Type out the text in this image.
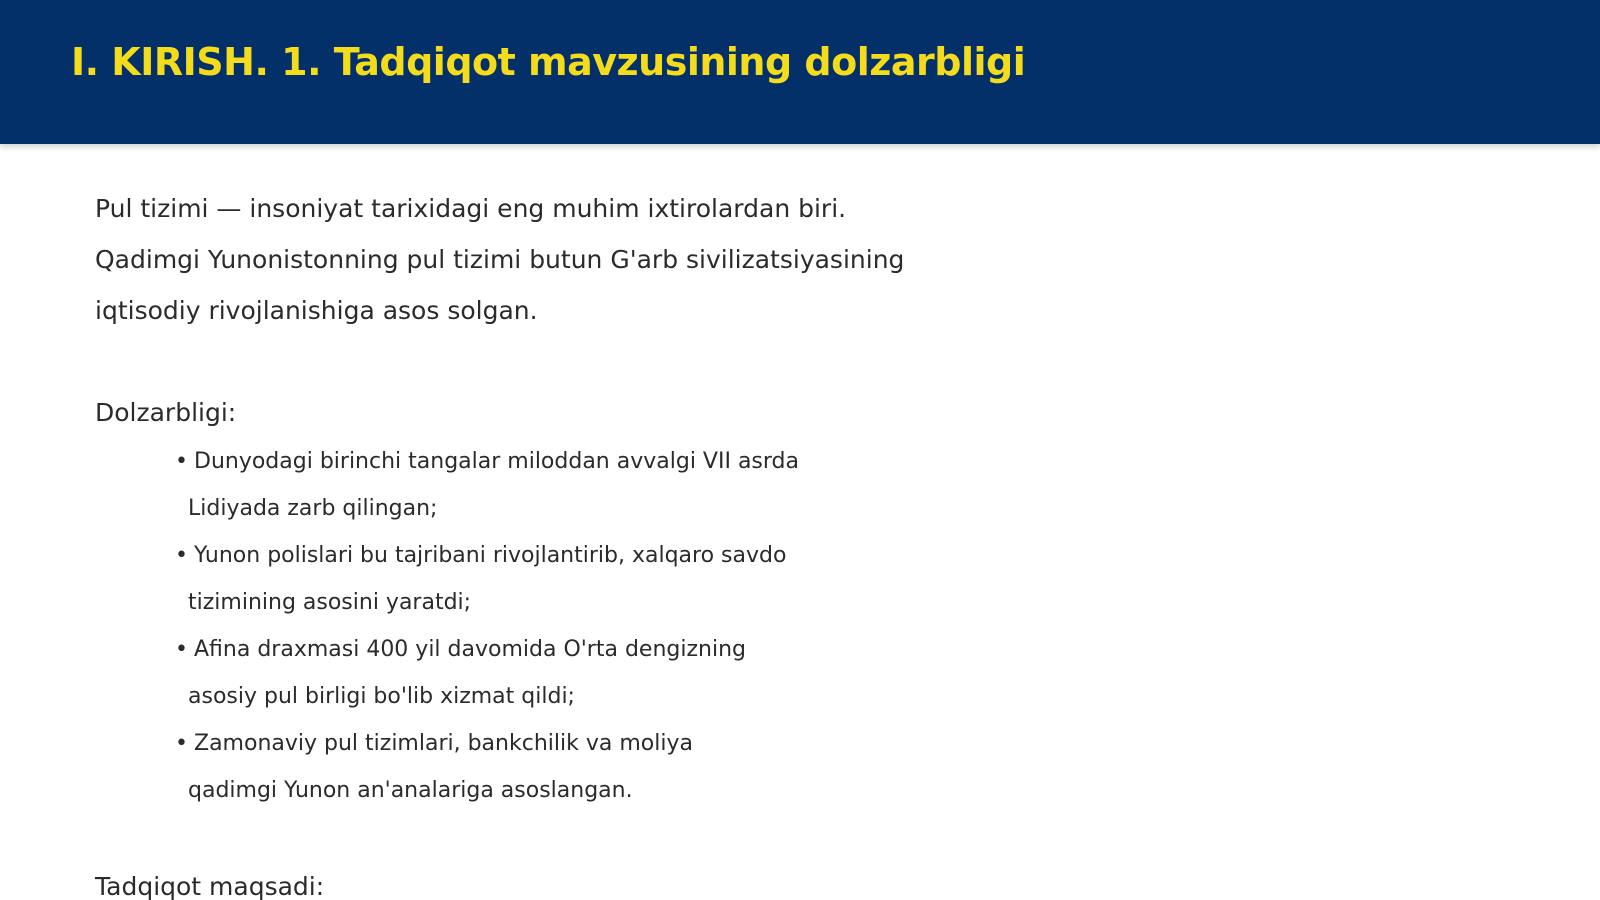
I. KIRISH. 1. Tadqiqot mavzusining dolzarbligi

Pul tizimi — insoniyat tarixidagi eng muhim ixtirolardan biri.

Qadimgi Yunonistonning pul tizimi butun G'arb sivilizatsiyasining

iqtisodiy rivojlanishiga asos solgan.

Dolzarbligi:

• Dunyodagi birinchi tangalar miloddan avvalgi VII asrda
Lidiyada zarb qilingan;
• Yunon polislari bu tajribani rivojlantirib, xalqaro savdo
tizimining asosini yaratdi;
• Afina draxmasi 400 yil davomida O'rta dengizning
asosiy pul birligi bo'lib xizmat qildi;
• Zamonaviy pul tizimlari, bankchilik va moliya
qadimgi Yunon an'analariga asoslangan.

Tadqiqot maqsadi:
